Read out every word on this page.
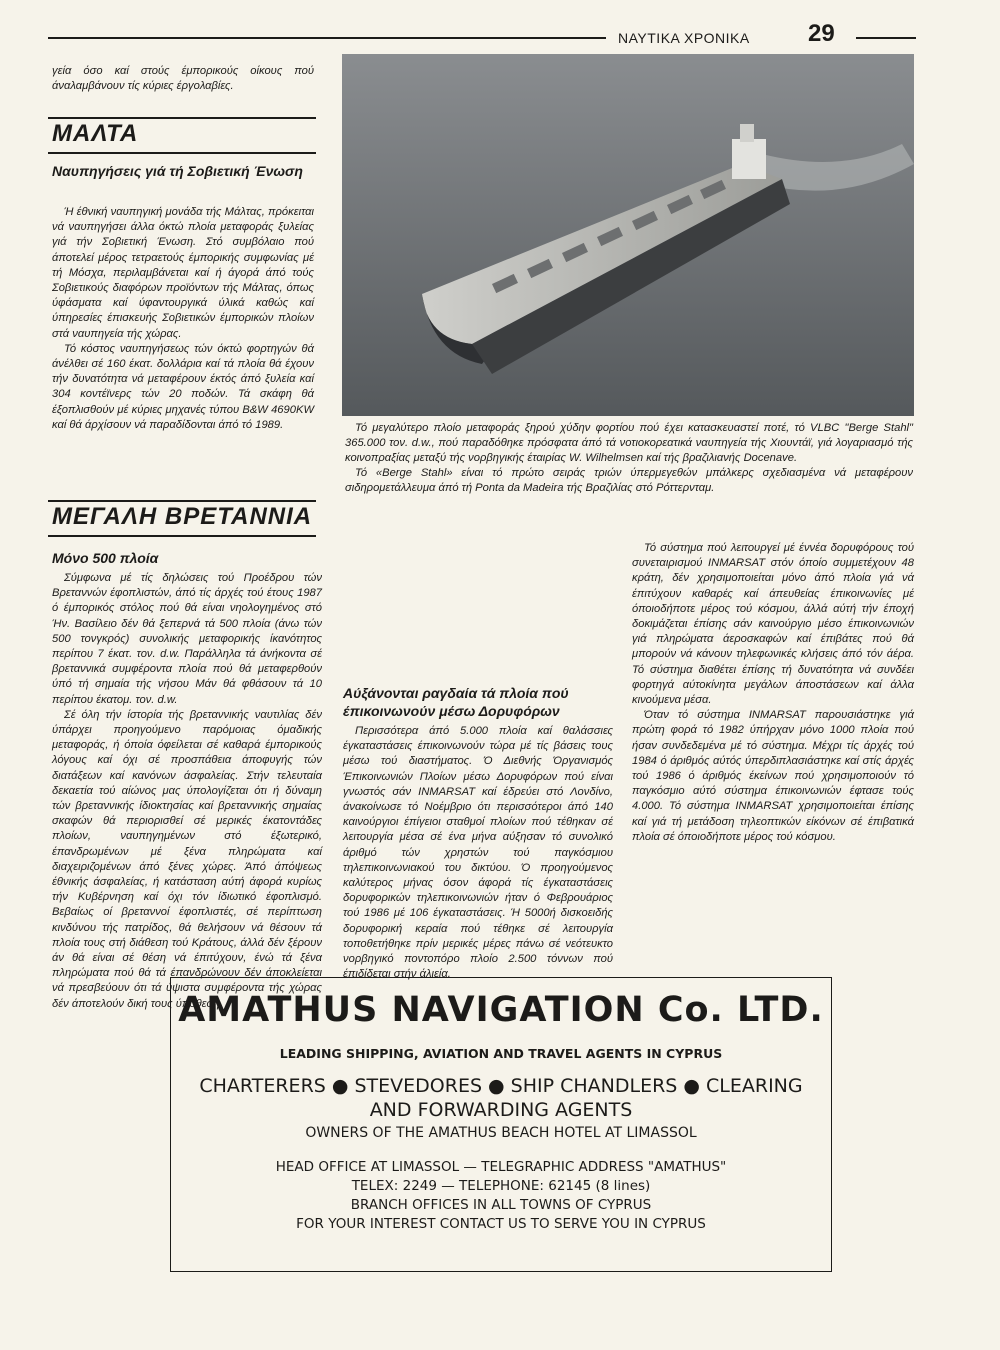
ΝΑΥΤΙΚΑ ΧΡΟΝΙΚΑ 29

γεία όσο καί στούς έμπορικούς οίκους πού άναλαμβάνουν τίς κύριες έργολαβίες.

ΜΑΛΤΑ
Ναυπηγήσεις γιά τή Σοβιετική Ένωση

Ή έθνική ναυπηγική μονάδα τής Μάλτας, πρόκειται νά ναυπηγήσει άλλα όκτώ πλοία μεταφοράς ξυλείας γιά τήν Σοβιετική Ένωση. Στό συμβόλαιο πού άποτελεί μέρος τετραετούς έμπορικής συμφωνίας μέ τή Μόσχα, περιλαμβάνεται καί ή άγορά άπό τούς Σοβιετικούς διαφόρων προϊόντων τής Μάλτας, όπως ύφάσματα καί ύφαντουργικά ύλικά καθώς καί ύπηρεσίες έπισκευής Σοβιετικών έμπορικών πλοίων στά ναυπηγεία τής χώρας.

Τό κόστος ναυπηγήσεως τών όκτώ φορτηγών θά άνέλθει σέ 160 έκατ. δολλάρια καί τά πλοία θά έχουν τήν δυνατότητα νά μεταφέρουν έκτός άπό ξυλεία καί 304 κοντέϊνερς τών 20 ποδών. Τά σκάφη θά έξοπλισθούν μέ κύριες μηχανές τύπου B&W 4690KW καί θά άρχίσουν νά παραδίδονται άπό τό 1989.

ΜΕΓΑΛΗ ΒΡΕΤΑΝΝΙΑ

Τό μεγαλύτερο πλοίο μεταφοράς ξηρού χύδην φορτίου πού έχει κατασκευαστεί ποτέ, τό VLBC "Berge Stahl" 365.000 τον. d.w., πού παραδόθηκε πρόσφατα άπό τά νοτιοκορεατικά ναυπηγεία τής Χιουντάϊ, γιά λογαριασμό τής κοινοπραξίας μεταξύ τής νορβηγικής έταιρίας W. Wilhelmsen καί τής βραζιλιανής Docenave.

Τό «Berge Stahl» είναι τό πρώτο σειράς τριών ύπερμεγεθών μπάλκερς σχεδιασμένα νά μεταφέρουν σιδηρομετάλλευμα άπό τή Ponta da Madeira τής Βραζιλίας στό Ρόττερνταμ.

Μόνο 500 πλοία

Σύμφωνα μέ τίς δηλώσεις τού Προέδρου τών Βρεταννών έφοπλιστών, άπό τίς άρχές τού έτους 1987 ό έμπορικός στόλος πού θά είναι νηολογημένος στό Ήν. Βασίλειο δέν θά ξεπερνά τά 500 πλοία (άνω τών 500 τονγκρός) συνολικής μεταφορικής ίκανότητος περίπου 7 έκατ. τον. d.w. Παράλληλα τά άνήκοντα σέ βρεταννικά συμφέροντα πλοία πού θά μεταφερθούν ύπό τή σημαία τής νήσου Μάν θά φθάσουν τά 10 περίπου έκατομ. τον. d.w.

Σέ όλη τήν ίστορία τής βρεταννικής ναυτιλίας δέν ύπάρχει προηγούμενο παρόμοιας όμαδικής μεταφοράς, ή όποία όφείλεται σέ καθαρά έμπορικούς λόγους καί όχι σέ προσπάθεια άποφυγής τών διατάξεων καί κανόνων άσφαλείας. Στήν τελευταία δεκαετία τού αίώνος μας ύπολογίζεται ότι ή δύναμη τών βρεταννικής ίδιοκτησίας καί βρεταννικής σημαίας σκαφών θά περιορισθεί σέ μερικές έκατοντάδες πλοίων, ναυπηγημένων στό έξωτερικό, έπανδρωμένων μέ ξένα πληρώματα καί διαχειριζομένων άπό ξένες χώρες. Άπό άπόψεως έθνικής άσφαλείας, ή κατάσταση αύτή άφορά κυρίως τήν Κυβέρνηση καί όχι τόν ίδιωτικό έφοπλισμό. Βεβαίως οί βρεταννοί έφοπλιστές, σέ περίπτωση κινδύνου τής πατρίδος, θά θελήσουν νά θέσουν τά πλοία τους στή διάθεση τού Κράτους, άλλά δέν ξέρουν άν θά είναι σέ θέση νά έπιτύχουν, ένώ τά ξένα πληρώματα πού θά τά έπανδρώνουν δέν άποκλείεται νά πρεσβεύουν ότι τά ύψιστα συμφέροντα τής χώρας δέν άποτελούν δική τους ύπόθεση.

Αύξάνονται ραγδαία τά πλοία πού έπικοινωνούν μέσω Δορυφόρων

Περισσότερα άπό 5.000 πλοία καί θαλάσσιες έγκαταστάσεις έπικοινωνούν τώρα μέ τίς βάσεις τους μέσω τού διαστήματος. Ό Διεθνής Όργανισμός Έπικοινωνιών Πλοίων μέσω Δορυφόρων πού είναι γνωστός σάν INMARSAT καί έδρεύει στό Λονδίνο, άνακοίνωσε τό Νοέμβριο ότι περισσότεροι άπό 140 καινούργιοι έπίγειοι σταθμοί πλοίων πού τέθηκαν σέ λειτουργία μέσα σέ ένα μήνα αύξησαν τό συνολικό άριθμό τών χρηστών τού παγκόσμιου τηλεπικοινωνιακού του δικτύου. Ό προηγούμενος καλύτερος μήνας όσον άφορά τίς έγκαταστάσεις δορυφορικών τηλεπικοινωνιών ήταν ό Φεβρουάριος τού 1986 μέ 106 έγκαταστάσεις. Ή 5000ή δισκοειδής δορυφορική κεραία πού τέθηκε σέ λειτουργία τοποθετήθηκε πρίν μερικές μέρες πάνω σέ νεότευκτο νορβηγικό ποντοπόρο πλοίο 2.500 τόννων πού έπιδίδεται στήν άλιεία.

Τό σύστημα πού λειτουργεί μέ έννέα δορυφόρους τού συνεταιρισμού INMARSAT στόν όποίο συμμετέχουν 48 κράτη, δέν χρησιμοποιείται μόνο άπό πλοία γιά νά έπιτύχουν καθαρές καί άπευθείας έπικοινωνίες μέ όποιοδήποτε μέρος τού κόσμου, άλλά αύτή τήν έποχή δοκιμάζεται έπίσης σάν καινούργιο μέσο έπικοινωνιών γιά πληρώματα άεροσκαφών καί έπιβάτες πού θά μπορούν νά κάνουν τηλεφωνικές κλήσεις άπό τόν άέρα. Τό σύστημα διαθέτει έπίσης τή δυνατότητα νά συνδέει φορτηγά αύτοκίνητα μεγάλων άποστάσεων καί άλλα κινούμενα μέσα.

Όταν τό σύστημα INMARSAT παρουσιάστηκε γιά πρώτη φορά τό 1982 ύπήρχαν μόνο 1000 πλοία πού ήσαν συνδεδεμένα μέ τό σύστημα. Μέχρι τίς άρχές τού 1984 ό άριθμός αύτός ύπερδιπλασιάστηκε καί στίς άρχές τού 1986 ό άριθμός έκείνων πού χρησιμοποιούν τό παγκόσμιο αύτό σύστημα έπικοινωνιών έφτασε τούς 4.000. Τό σύστημα INMARSAT χρησιμοποιείται έπίσης καί γιά τή μετάδοση τηλεοπτικών είκόνων σέ έπιβατικά πλοία σέ όποιοδήποτε μέρος τού κόσμου.

AMATHUS NAVIGATION Co. LTD.
LEADING SHIPPING, AVIATION AND TRAVEL AGENTS IN CYPRUS
CHARTERERS ● STEVEDORES ● SHIP CHANDLERS ● CLEARING
AND FORWARDING AGENTS
OWNERS OF THE AMATHUS BEACH HOTEL AT LIMASSOL
HEAD OFFICE AT LIMASSOL — TELEGRAPHIC ADDRESS "AMATHUS"
TELEX: 2249 — TELEPHONE: 62145 (8 lines)
BRANCH OFFICES IN ALL TOWNS OF CYPRUS
FOR YOUR INTEREST CONTACT US TO SERVE YOU IN CYPRUS
